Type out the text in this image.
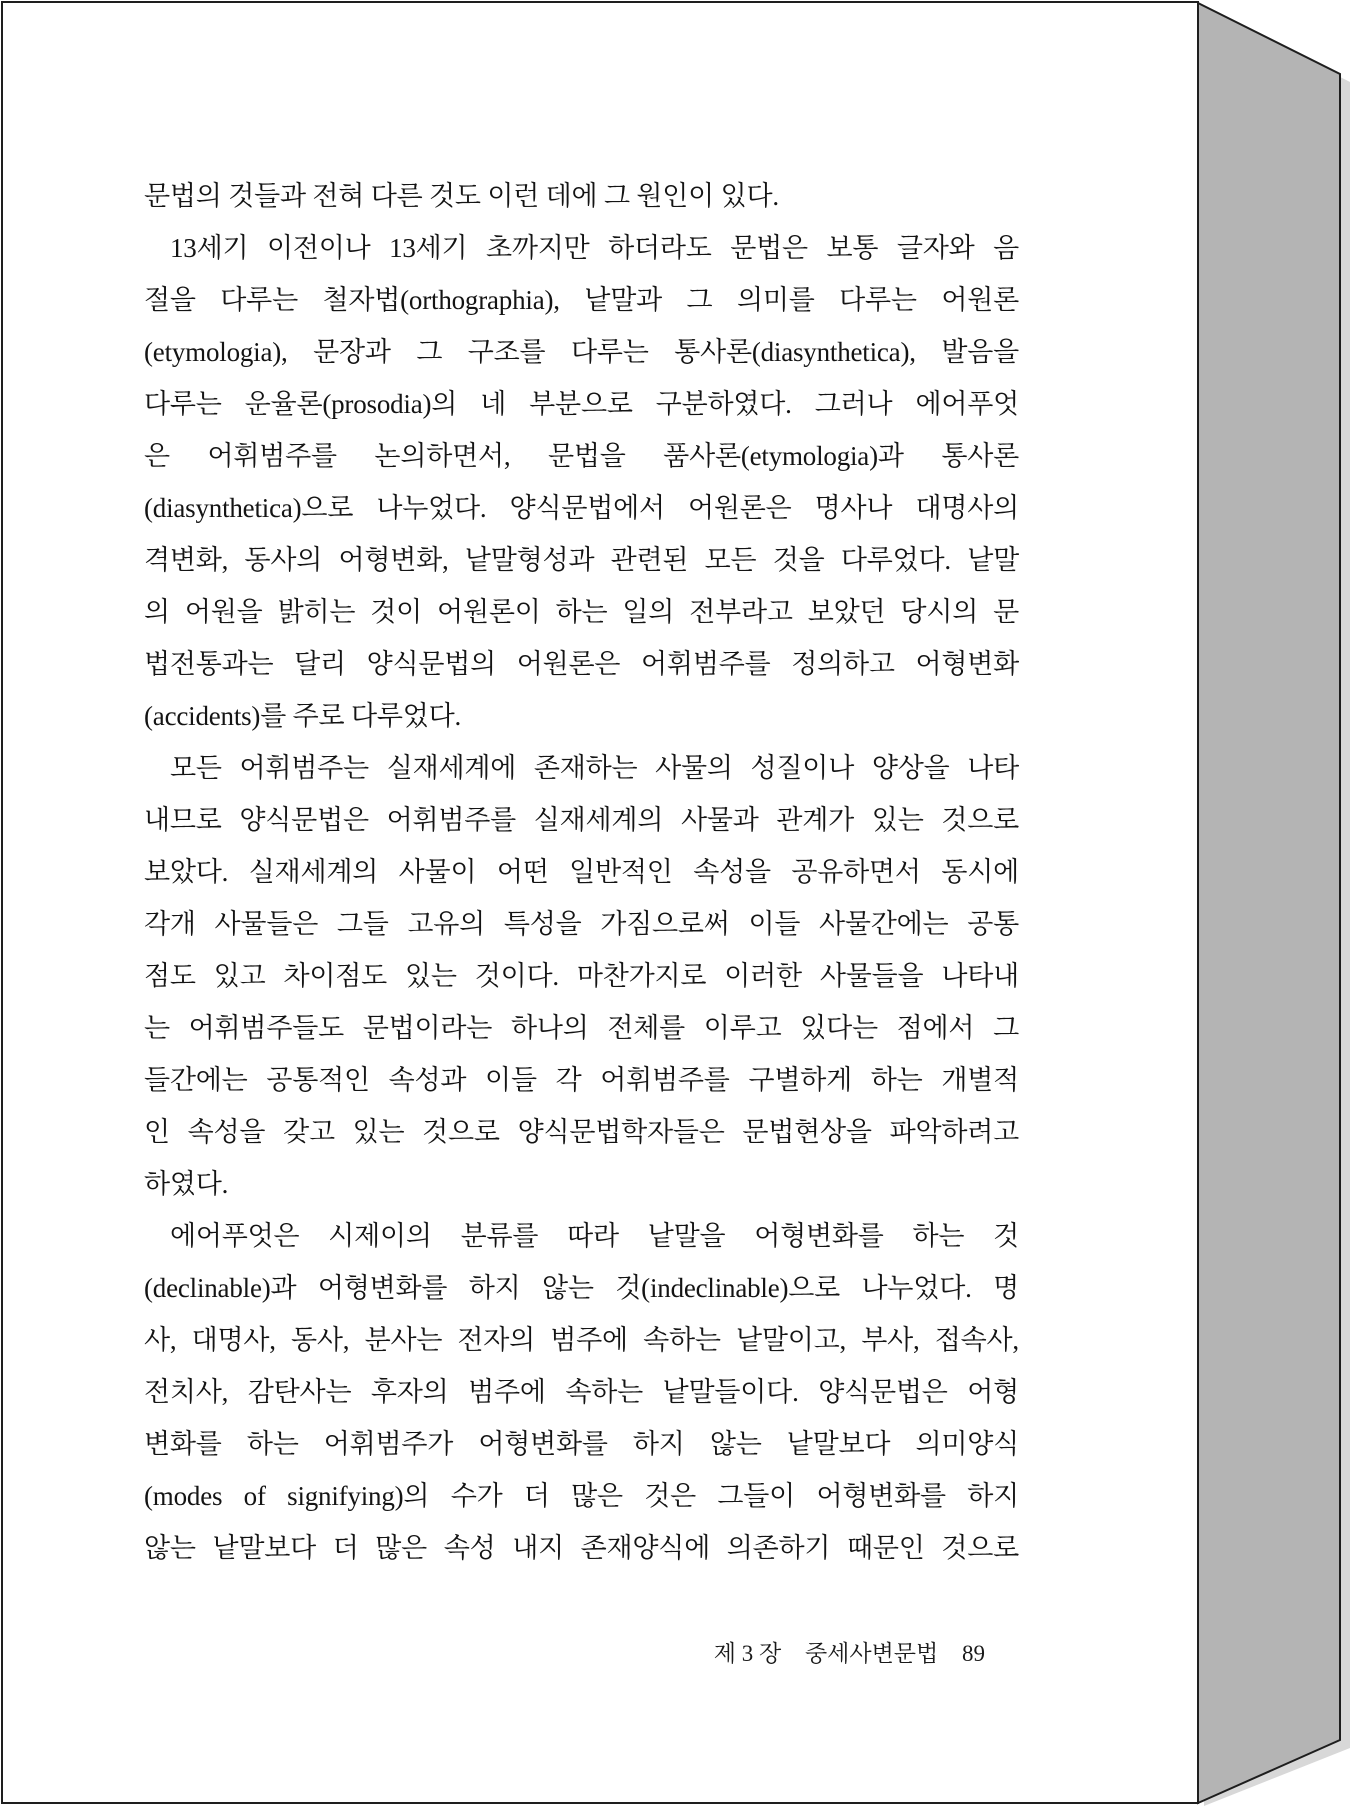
문법의 것들과 전혀 다른 것도 이런 데에 그 원인이 있다.
13세기 이전이나 13세기 초까지만 하더라도 문법은 보통 글자와 음
절을 다루는 철자법(orthographia), 낱말과 그 의미를 다루는 어원론
(etymologia), 문장과 그 구조를 다루는 통사론(diasynthetica), 발음을
다루는 운율론(prosodia)의 네 부분으로 구분하였다. 그러나 에어푸엇
은 어휘범주를 논의하면서, 문법을 품사론(etymologia)과 통사론
(diasynthetica)으로 나누었다. 양식문법에서 어원론은 명사나 대명사의
격변화, 동사의 어형변화, 낱말형성과 관련된 모든 것을 다루었다. 낱말
의 어원을 밝히는 것이 어원론이 하는 일의 전부라고 보았던 당시의 문
법전통과는 달리 양식문법의 어원론은 어휘범주를 정의하고 어형변화
(accidents)를 주로 다루었다.
모든 어휘범주는 실재세계에 존재하는 사물의 성질이나 양상을 나타
내므로 양식문법은 어휘범주를 실재세계의 사물과 관계가 있는 것으로
보았다. 실재세계의 사물이 어떤 일반적인 속성을 공유하면서 동시에
각개 사물들은 그들 고유의 특성을 가짐으로써 이들 사물간에는 공통
점도 있고 차이점도 있는 것이다. 마찬가지로 이러한 사물들을 나타내
는 어휘범주들도 문법이라는 하나의 전체를 이루고 있다는 점에서 그
들간에는 공통적인 속성과 이들 각 어휘범주를 구별하게 하는 개별적
인 속성을 갖고 있는 것으로 양식문법학자들은 문법현상을 파악하려고
하였다.
에어푸엇은 시제이의 분류를 따라 낱말을 어형변화를 하는 것
(declinable)과 어형변화를 하지 않는 것(indeclinable)으로 나누었다. 명
사, 대명사, 동사, 분사는 전자의 범주에 속하는 낱말이고, 부사, 접속사,
전치사, 감탄사는 후자의 범주에 속하는 낱말들이다. 양식문법은 어형
변화를 하는 어휘범주가 어형변화를 하지 않는 낱말보다 의미양식
(modes of signifying)의 수가 더 많은 것은 그들이 어형변화를 하지
않는 낱말보다 더 많은 속성 내지 존재양식에 의존하기 때문인 것으로
제 3 장 중세사변문법 89
